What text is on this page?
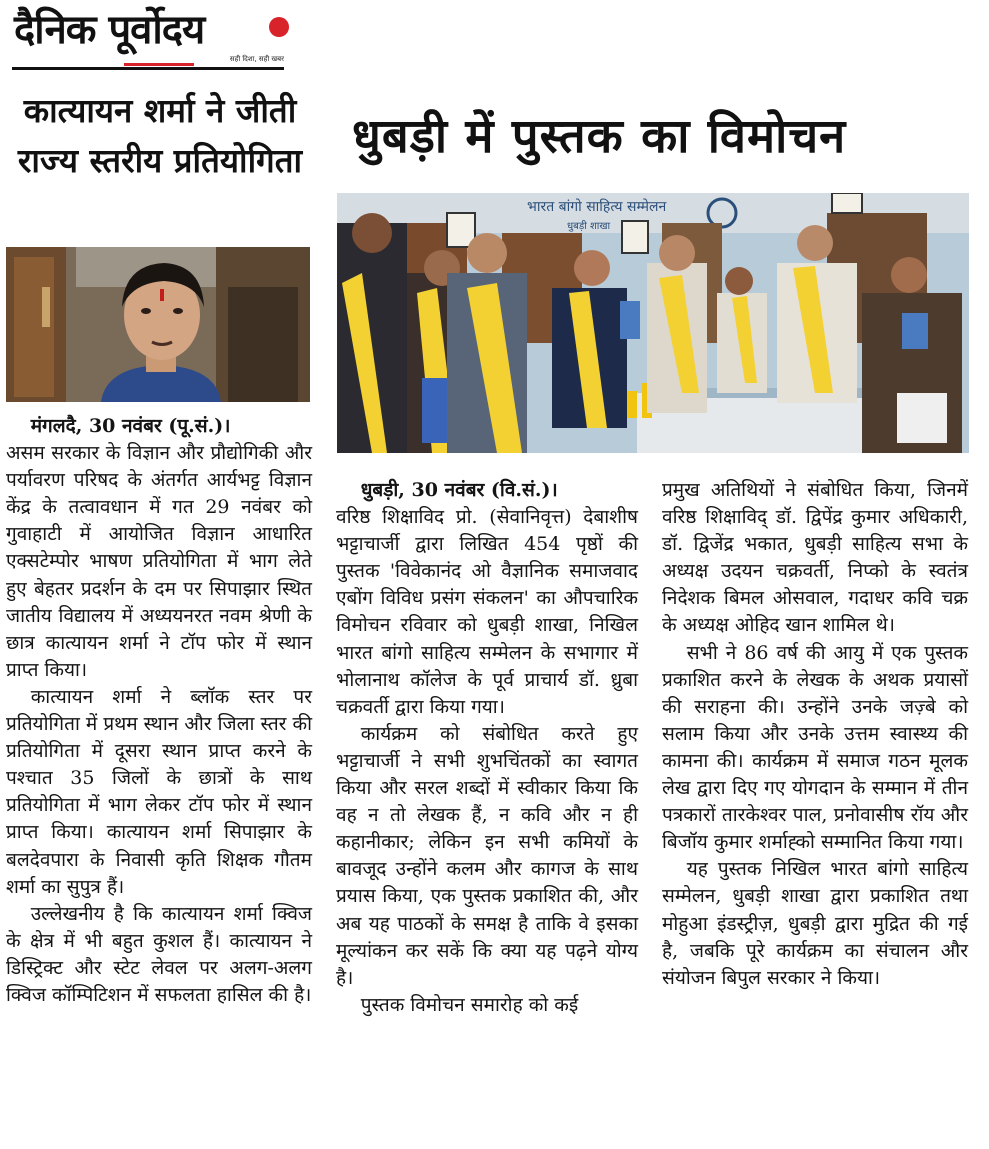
दैनिक पूर्वोदय
सही दिशा, सही खबर
कात्यायन शर्मा ने जीती राज्य स्तरीय प्रतियोगिता धुबड़ी में पुस्तक का विमोचन
भारत बांगो साहित्य सम्मेलन
धुबड़ी शाखा

मंगलदै, 30 नवंबर (पू.सं.)।

असम सरकार के विज्ञान और प्रौद्योगिकी और पर्यावरण परिषद के अंतर्गत आर्यभट्ट विज्ञान केंद्र के तत्वावधान में गत 29 नवंबर को गुवाहाटी में आयोजित विज्ञान आधारित एक्सटेम्पोर भाषण प्रतियोगिता में भाग लेते हुए बेहतर प्रदर्शन के दम पर सिपाझार स्थित जातीय विद्यालय में अध्ययनरत नवम श्रेणी के छात्र कात्यायन शर्मा ने टॉप फोर में स्थान प्राप्त किया।

कात्यायन शर्मा ने ब्लॉक स्तर पर प्रतियोगिता में प्रथम स्थान और जिला स्तर की प्रतियोगिता में दूसरा स्थान प्राप्त करने के पश्चात 35 जिलों के छात्रों के साथ प्रतियोगिता में भाग लेकर टॉप फोर में स्थान प्राप्त किया। कात्यायन शर्मा सिपाझार के बलदेवपारा के निवासी कृति शिक्षक गौतम शर्मा का सुपुत्र हैं।

उल्लेखनीय है कि कात्यायन शर्मा क्विज के क्षेत्र में भी बहुत कुशल हैं। कात्यायन ने डिस्ट्रिक्ट और स्टेट लेवल पर अलग-अलग क्विज कॉम्पिटिशन में सफलता हासिल की है।

धुबड़ी, 30 नवंबर (वि.सं.)।

वरिष्ठ शिक्षाविद प्रो. (सेवानिवृत्त) देबाशीष भट्टाचार्जी द्वारा लिखित 454 पृष्ठों की पुस्तक 'विवेकानंद ओ वैज्ञानिक समाजवाद एबोंग विविध प्रसंग संकलन' का औपचारिक विमोचन रविवार को धुबड़ी शाखा, निखिल भारत बांगो साहित्य सम्मेलन के सभागार में भोलानाथ कॉलेज के पूर्व प्राचार्य डॉ. ध्रुबा चक्रवर्ती द्वारा किया गया।

कार्यक्रम को संबोधित करते हुए भट्टाचार्जी ने सभी शुभचिंतकों का स्वागत किया और सरल शब्दों में स्वीकार किया कि वह न तो लेखक हैं, न कवि और न ही कहानीकार; लेकिन इन सभी कमियों के बावजूद उन्होंने कलम और कागज के साथ प्रयास किया, एक पुस्तक प्रकाशित की, और अब यह पाठकों के समक्ष है ताकि वे इसका मूल्यांकन कर सकें कि क्या यह पढ़ने योग्य है।

पुस्तक विमोचन समारोह को कई

प्रमुख अतिथियों ने संबोधित किया, जिनमें वरिष्ठ शिक्षाविद् डॉ. द्विपेंद्र कुमार अधिकारी, डॉ. द्विजेंद्र भकात, धुबड़ी साहित्य सभा के अध्यक्ष उदयन चक्रवर्ती, निप्को के स्वतंत्र निदेशक बिमल ओसवाल, गदाधर कवि चक्र के अध्यक्ष ओहिद खान शामिल थे।

सभी ने 86 वर्ष की आयु में एक पुस्तक प्रकाशित करने के लेखक के अथक प्रयासों की सराहना की। उन्होंने उनके जज़्बे को सलाम किया और उनके उत्तम स्वास्थ्य की कामना की। कार्यक्रम में समाज गठन मूलक लेख द्वारा दिए गए योगदान के सम्मान में तीन पत्रकारों तारकेश्वर पाल, प्रनोवासीष रॉय और बिजॉय कुमार शर्माह्को सम्मानित किया गया।

यह पुस्तक निखिल भारत बांगो साहित्य सम्मेलन, धुबड़ी शाखा द्वारा प्रकाशित तथा मोहुआ इंडस्ट्रीज़, धुबड़ी द्वारा मुद्रित की गई है, जबकि पूरे कार्यक्रम का संचालन और संयोजन बिपुल सरकार ने किया।
